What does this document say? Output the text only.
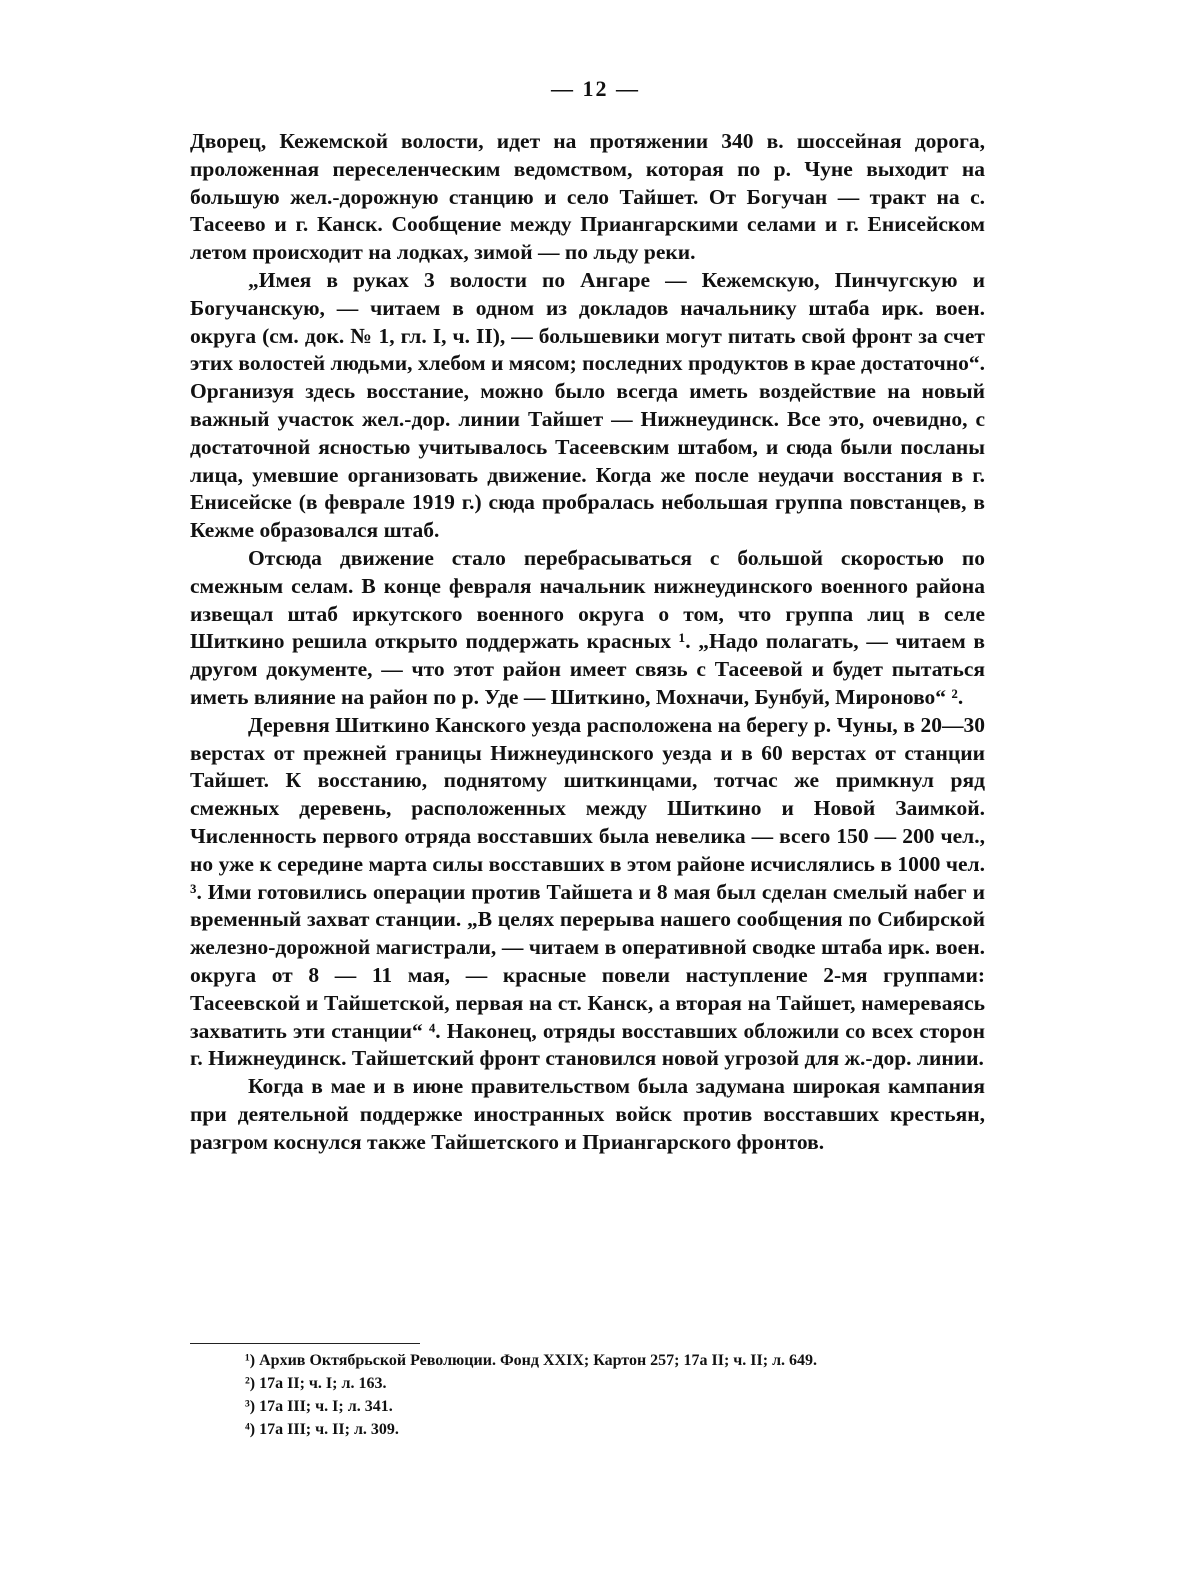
— 12 —

Дворец, Кежемской волости, идет на протяжении 340 в. шоссейная дорога, проложенная переселенческим ведомством, которая по р. Чуне выходит на большую жел.-дорожную станцию и село Тайшет. От Богучан — тракт на с. Тасеево и г. Канск. Сообщение между Приангарскими селами и г. Енисейском летом происходит на лодках, зимой — по льду реки.

„Имея в руках 3 волости по Ангаре — Кежемскую, Пинчугскую и Богучанскую, — читаем в одном из докладов начальнику штаба ирк. воен. округа (см. док. № 1, гл. I, ч. II), — большевики могут питать свой фронт за счет этих волостей людьми, хлебом и мясом; последних продуктов в крае достаточно“. Организуя здесь восстание, можно было всегда иметь воздействие на новый важный участок жел.-дор. линии Тайшет — Нижнеудинск. Все это, очевидно, с достаточной ясностью учитывалось Тасеевским штабом, и сюда были посланы лица, умевшие организовать движение. Когда же после неудачи восстания в г. Енисейске (в феврале 1919 г.) сюда пробралась небольшая группа повстанцев, в Кежме образовался штаб.

Отсюда движение стало перебрасываться с большой скоростью по смежным селам. В конце февраля начальник нижнеудинского военного района извещал штаб иркутского военного округа о том, что группа лиц в селе Шиткино решила открыто поддержать красных ¹. „Надо полагать, — читаем в другом документе, — что этот район имеет связь с Тасеевой и будет пытаться иметь влияние на район по р. Уде — Шиткино, Мохначи, Бунбуй, Мироново“ ².

Деревня Шиткино Канского уезда расположена на берегу р. Чуны, в 20—30 верстах от прежней границы Нижнеудинского уезда и в 60 верстах от станции Тайшет. К восстанию, поднятому шиткинцами, тотчас же примкнул ряд смежных деревень, расположенных между Шиткино и Новой Заимкой. Численность первого отряда восставших была невелика — всего 150 — 200 чел., но уже к середине марта силы восставших в этом районе исчислялись в 1000 чел. ³. Ими готовились операции против Тайшета и 8 мая был сделан смелый набег и временный захват станции. „В целях перерыва нашего сообщения по Сибирской железно-дорожной магистрали, — читаем в оперативной сводке штаба ирк. воен. округа от 8 — 11 мая, — красные повели наступление 2-мя группами: Тасеевской и Тайшетской, первая на ст. Канск, а вторая на Тайшет, намереваясь захватить эти станции“ ⁴. Наконец, отряды восставших обложили со всех сторон г. Нижнеудинск. Тайшетский фронт становился новой угрозой для ж.-дор. линии.

Когда в мае и в июне правительством была задумана широкая кампания при деятельной поддержке иностранных войск против восставших крестьян, разгром коснулся также Тайшетского и Приангарского фронтов.

¹) Архив Октябрьской Революции. Фонд XXIX; Картон 257; 17а II; ч. II; л. 649.
²) 17а II; ч. I; л. 163.
³) 17а III; ч. I; л. 341.
⁴) 17а III; ч. II; л. 309.
